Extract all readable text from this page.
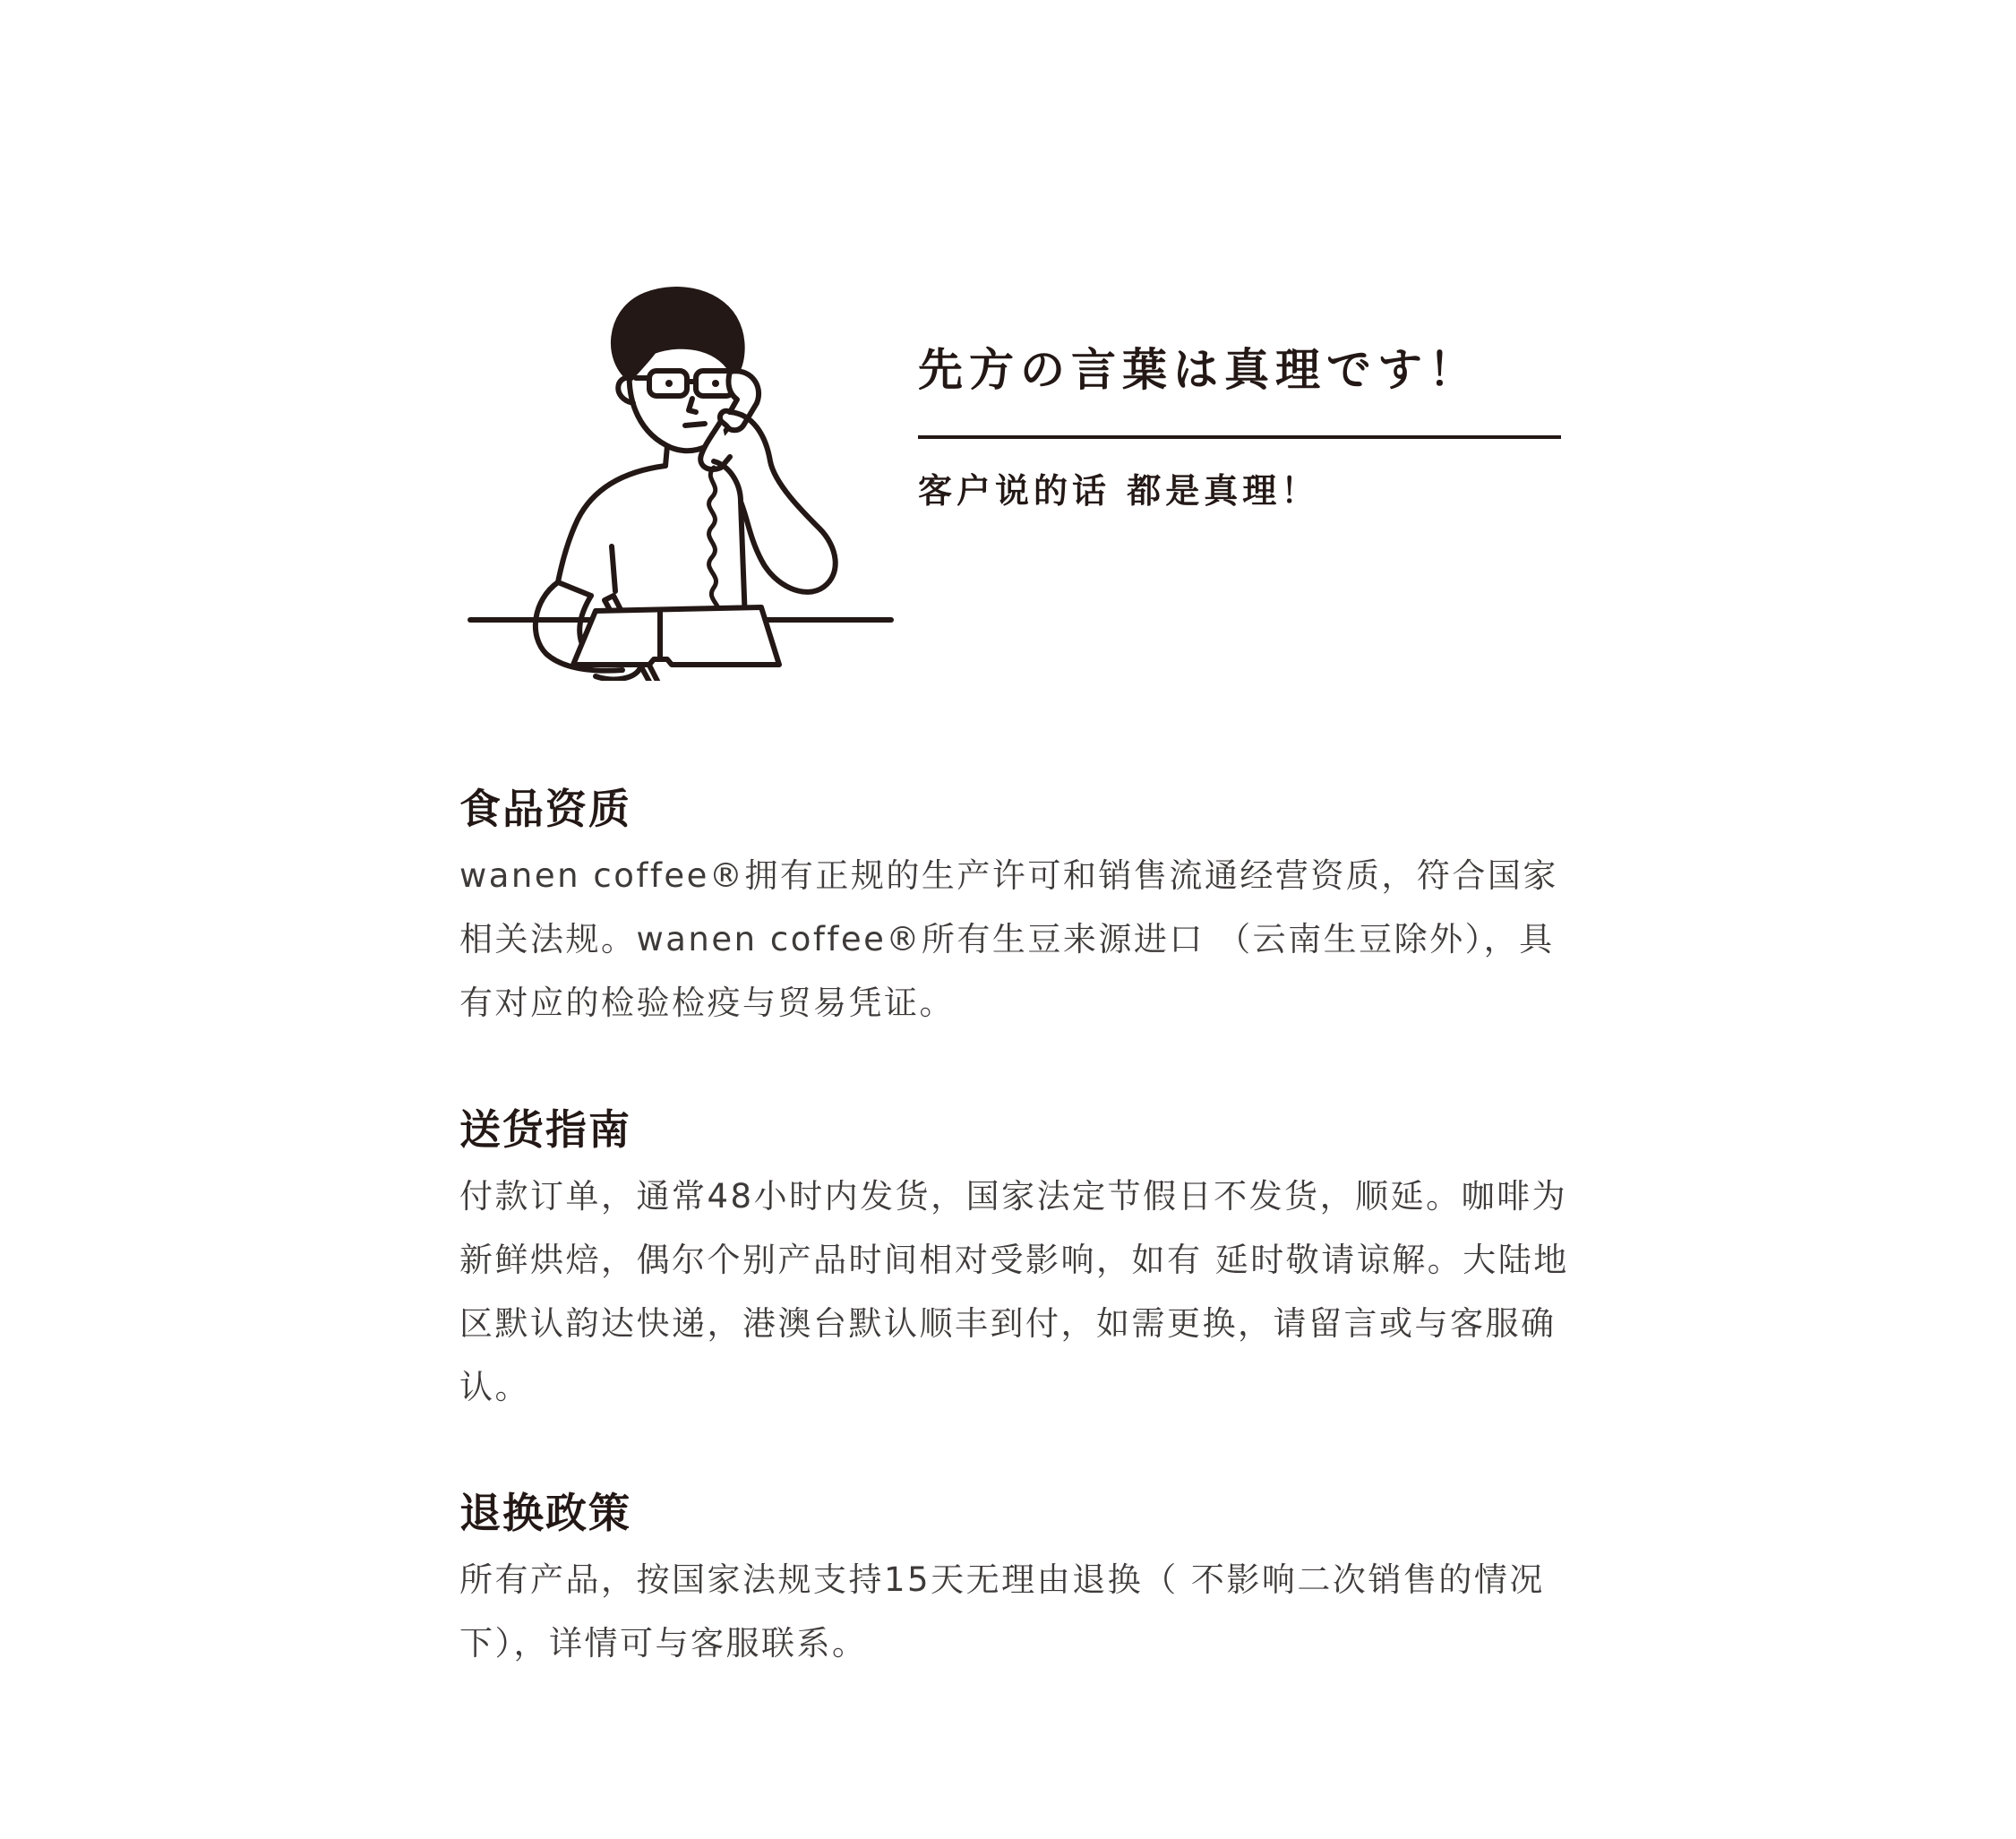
先方の言葉は真理です！
客户说的话 都是真理！
食品资质

wanen coffee®拥有正规的生产许可和销售流通经营资质，符合国家相关法规。wanen coffee®所有生豆来源进口 （云南生豆除外），具有对应的检验检疫与贸易凭证。

送货指南

付款订单，通常48小时内发货，国家法定节假日不发货，顺延。咖啡为新鲜烘焙，偶尔个别产品时间相对受影响，如有 延时敬请谅解。大陆地区默认韵达快递，港澳台默认顺丰到付，如需更换，请留言或与客服确认。

退换政策

所有产品，按国家法规支持15天无理由退换（ 不影响二次销售的情况下），详情可与客服联系。
